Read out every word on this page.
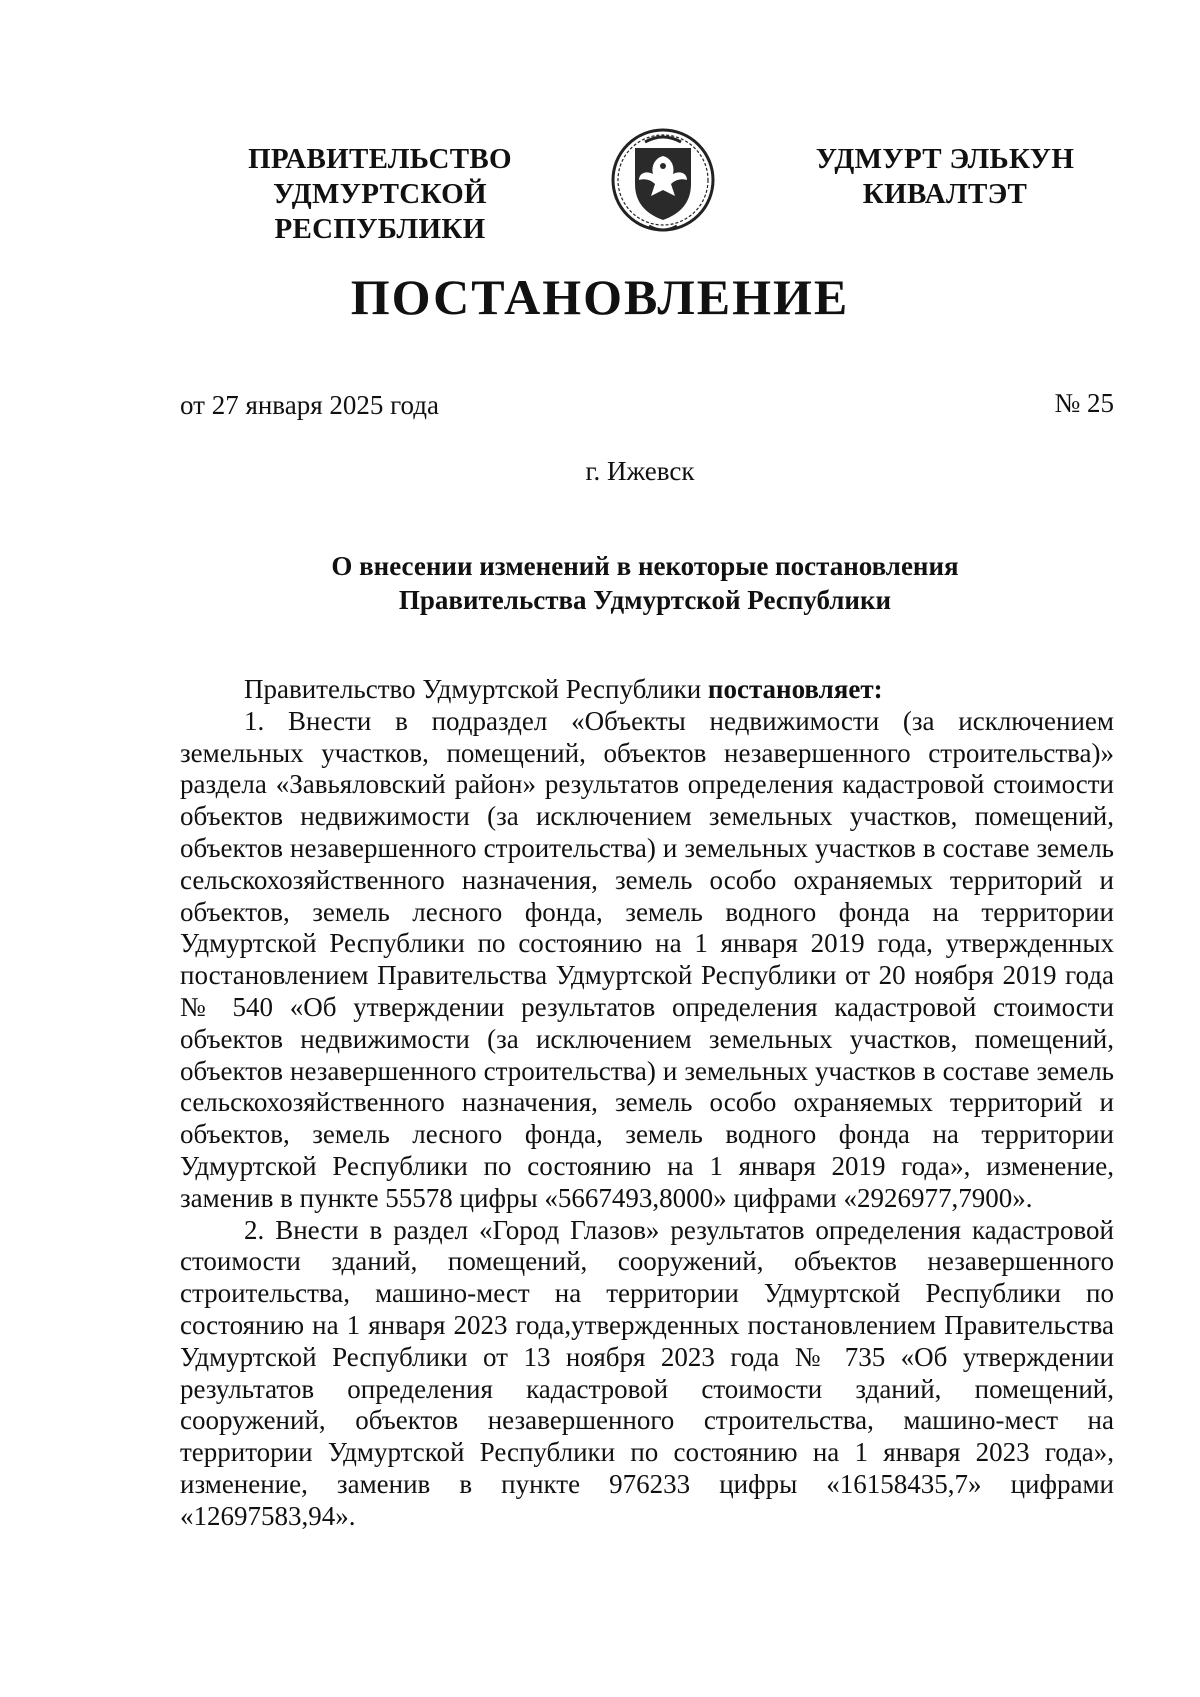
ПРАВИТЕЛЬСТВО
УДМУРТСКОЙ РЕСПУБЛИКИ
УДМУРТ ЭЛЬКУН
КИВАЛТЭТ
ПОСТАНОВЛЕНИЕ
от 27 января 2025 года	№ 25
г. Ижевск
О внесении изменений в некоторые постановления
Правительства Удмуртской Республики

Правительство Удмуртской Республики постановляет:

1. Внести в подраздел «Объекты недвижимости (за исключением земельных участков, помещений, объектов незавершенного строительства)» раздела «Завьяловский район» результатов определения кадастровой стоимости объектов недвижимости (за исключением земельных участков, помещений, объектов незавершенного строительства) и земельных участков в составе земель сельскохозяйственного назначения, земель особо охраняемых территорий и объектов, земель лесного фонда, земель водного фонда на территории Удмуртской Республики по состоянию на 1 января 2019 года, утвержденных постановлением Правительства Удмуртской Республики от 20 ноября 2019 года № 540 «Об утверждении результатов определения кадастровой стоимости объектов недвижимости (за исключением земельных участков, помещений, объектов незавершенного строительства) и земельных участков в составе земель сельскохозяйственного назначения, земель особо охраняемых территорий и объектов, земель лесного фонда, земель водного фонда на территории Удмуртской Республики по состоянию на 1 января 2019 года», изменение, заменив в пункте 55578 цифры «5667493,8000» цифрами «2926977,7900».

2. Внести в раздел «Город Глазов» результатов определения кадастровой стоимости зданий, помещений, сооружений, объектов незавершенного строительства, машино-мест на территории Удмуртской Республики по состоянию на 1 января 2023 года,утвержденных постановлением Правительства Удмуртской Республики от 13 ноября 2023 года № 735 «Об утверждении результатов определения кадастровой стоимости зданий, помещений, сооружений, объектов незавершенного строительства, машино-мест на территории Удмуртской Республики по состоянию на 1 января 2023 года», изменение, заменив в пункте 976233 цифры «16158435,7» цифрами «12697583,94».
